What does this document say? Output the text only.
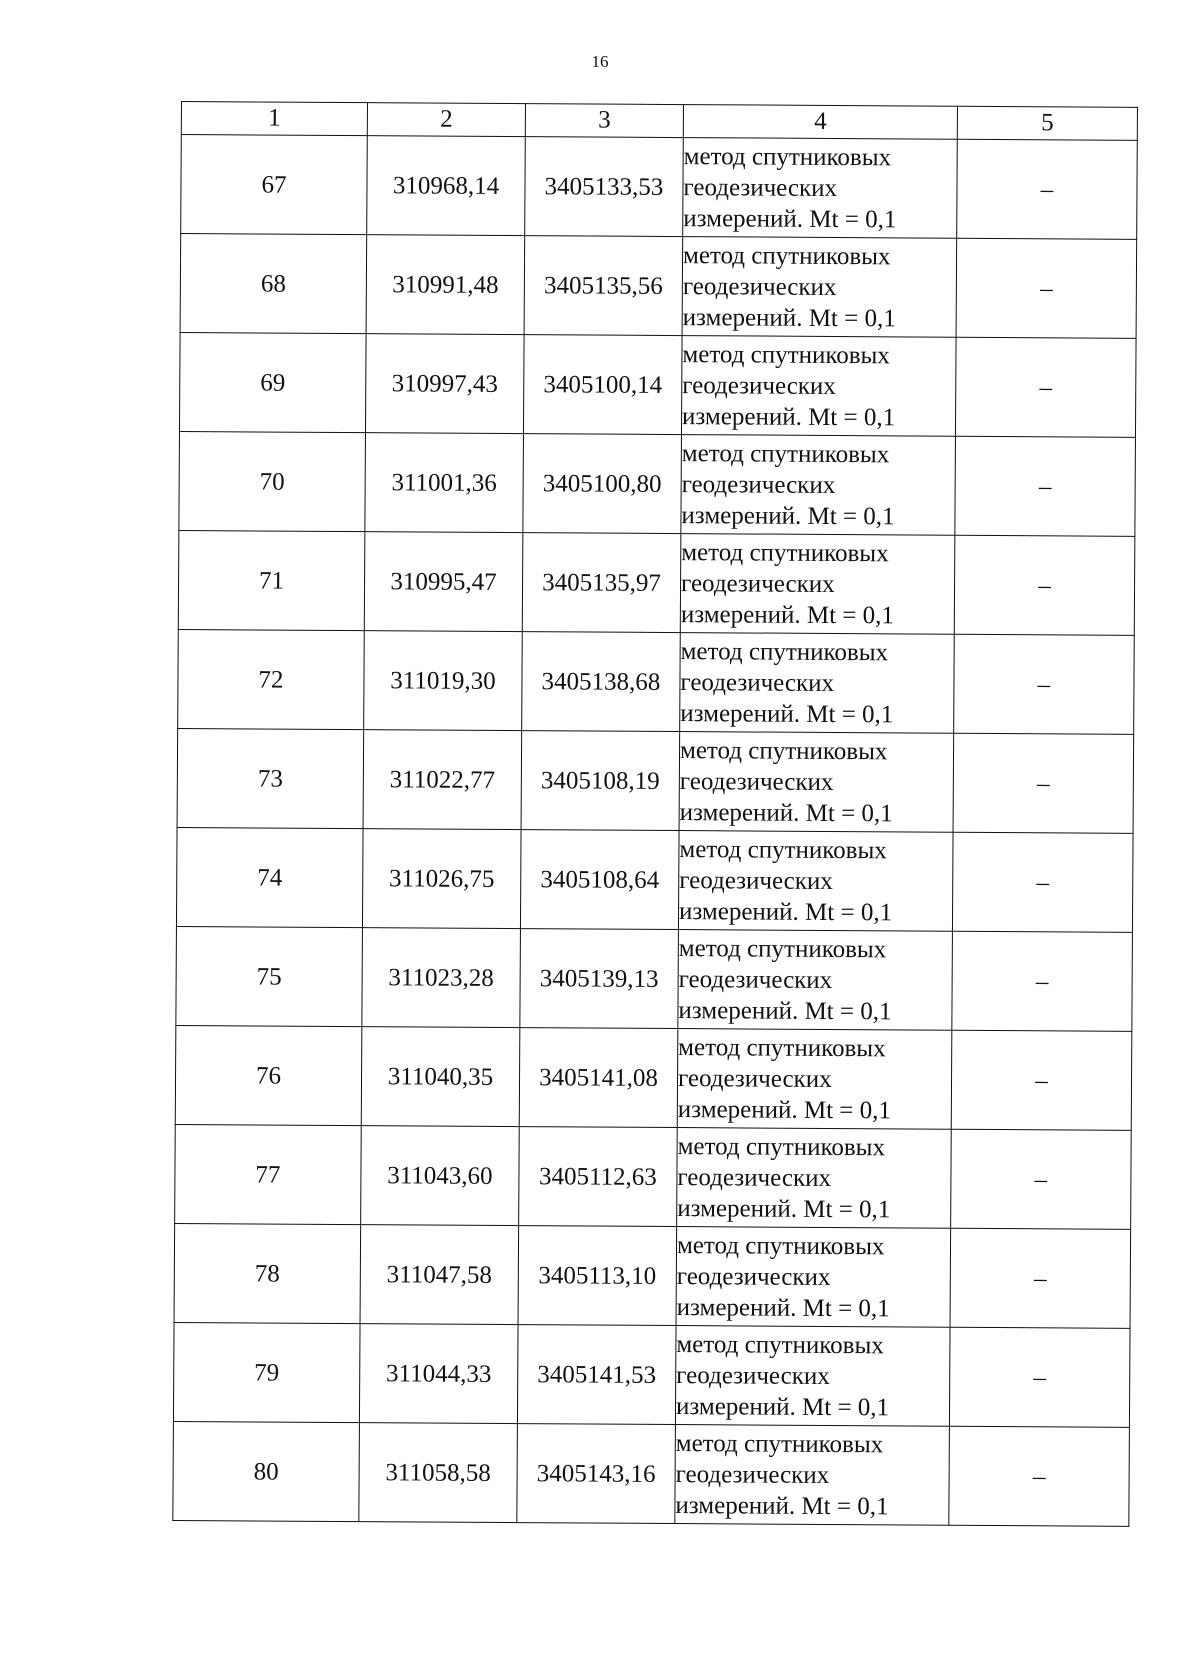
16
1	2	3	4	5
67	310968,14	3405133,53	метод спутниковых
геодезических
измерений. Mt = 0,1	–
68	310991,48	3405135,56	метод спутниковых
геодезических
измерений. Mt = 0,1	–
69	310997,43	3405100,14	метод спутниковых
геодезических
измерений. Mt = 0,1	–
70	311001,36	3405100,80	метод спутниковых
геодезических
измерений. Mt = 0,1	–
71	310995,47	3405135,97	метод спутниковых
геодезических
измерений. Mt = 0,1	–
72	311019,30	3405138,68	метод спутниковых
геодезических
измерений. Mt = 0,1	–
73	311022,77	3405108,19	метод спутниковых
геодезических
измерений. Mt = 0,1	–
74	311026,75	3405108,64	метод спутниковых
геодезических
измерений. Mt = 0,1	–
75	311023,28	3405139,13	метод спутниковых
геодезических
измерений. Mt = 0,1	–
76	311040,35	3405141,08	метод спутниковых
геодезических
измерений. Mt = 0,1	–
77	311043,60	3405112,63	метод спутниковых
геодезических
измерений. Mt = 0,1	–
78	311047,58	3405113,10	метод спутниковых
геодезических
измерений. Mt = 0,1	–
79	311044,33	3405141,53	метод спутниковых
геодезических
измерений. Mt = 0,1	–
80	311058,58	3405143,16	метод спутниковых
геодезических
измерений. Mt = 0,1	–
